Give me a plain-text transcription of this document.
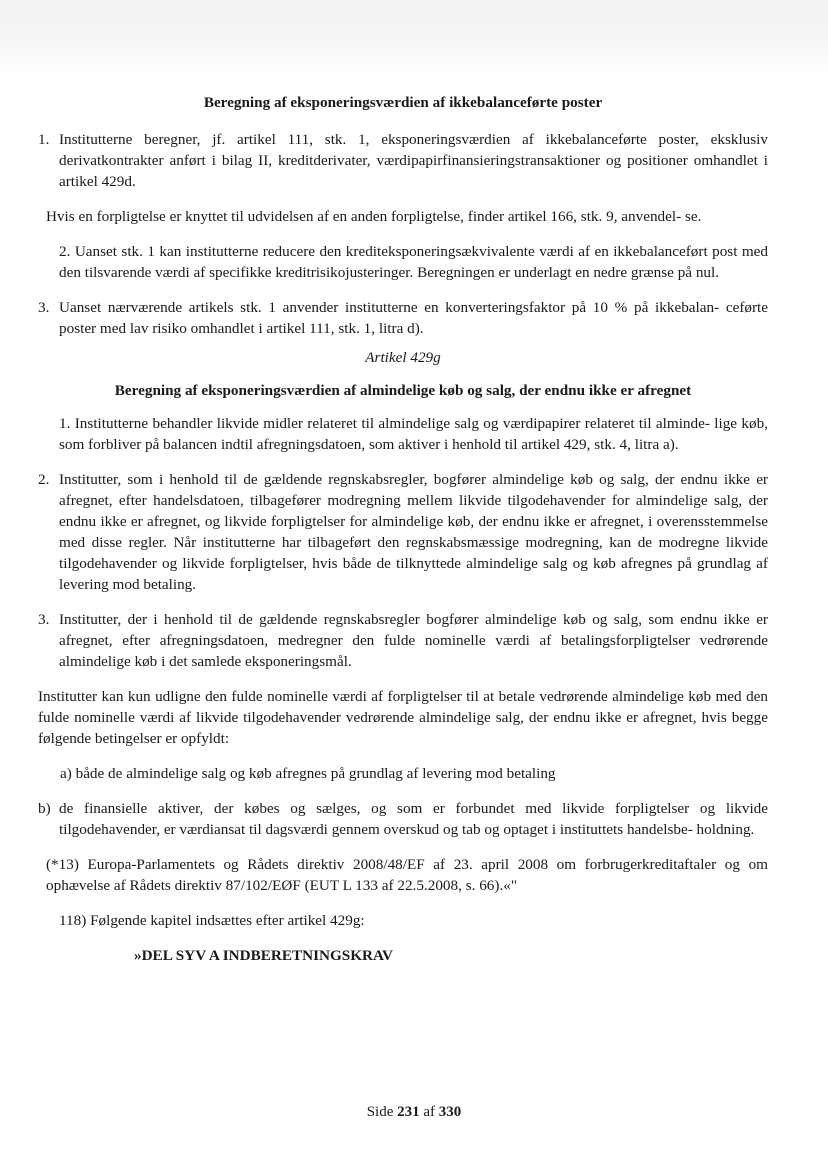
Beregning af eksponeringsværdien af ikkebalanceførte poster
1. Institutterne beregner, jf. artikel 111, stk. 1, eksponeringsværdien af ikkebalanceførte poster, eksklusiv derivatkontrakter anført i bilag II, kreditderivater, værdipapirfinansieringstransaktioner og positioner omhandlet i artikel 429d.

Hvis en forpligtelse er knyttet til udvidelsen af en anden forpligtelse, finder artikel 166, stk. 9, anvendel- se.

2. Uanset stk. 1 kan institutterne reducere den krediteksponeringsækvivalente værdi af en ikkebalanceført post med den tilsvarende værdi af specifikke kreditrisikojusteringer. Beregningen er underlagt en nedre grænse på nul.

3. Uanset nærværende artikels stk. 1 anvender institutterne en konverteringsfaktor på 10 % på ikkebalan- ceførte poster med lav risiko omhandlet i artikel 111, stk. 1, litra d).
Artikel 429g
Beregning af eksponeringsværdien af almindelige køb og salg, der endnu ikke er afregnet

1. Institutterne behandler likvide midler relateret til almindelige salg og værdipapirer relateret til alminde- lige køb, som forbliver på balancen indtil afregningsdatoen, som aktiver i henhold til artikel 429, stk. 4, litra a).

2. Institutter, som i henhold til de gældende regnskabsregler, bogfører almindelige køb og salg, der endnu ikke er afregnet, efter handelsdatoen, tilbagefører modregning mellem likvide tilgodehavender for almindelige salg, der endnu ikke er afregnet, og likvide forpligtelser for almindelige køb, der endnu ikke er afregnet, i overensstemmelse med disse regler. Når institutterne har tilbageført den regnskabsmæssige modregning, kan de modregne likvide tilgodehavender og likvide forpligtelser, hvis både de tilknyttede almindelige salg og køb afregnes på grundlag af levering mod betaling.
3. Institutter, der i henhold til de gældende regnskabsregler bogfører almindelige køb og salg, som endnu ikke er afregnet, efter afregningsdatoen, medregner den fulde nominelle værdi af betalingsforpligtelser vedrørende almindelige køb i det samlede eksponeringsmål.

Institutter kan kun udligne den fulde nominelle værdi af forpligtelser til at betale vedrørende almindelige køb med den fulde nominelle værdi af likvide tilgodehavender vedrørende almindelige salg, der endnu ikke er afregnet, hvis begge følgende betingelser er opfyldt:

a) både de almindelige salg og køb afregnes på grundlag af levering mod betaling

b) de finansielle aktiver, der købes og sælges, og som er forbundet med likvide forpligtelser og likvide tilgodehavender, er værdiansat til dagsværdi gennem overskud og tab og optaget i instituttets handelsbe- holdning.

(*13) Europa-Parlamentets og Rådets direktiv 2008/48/EF af 23. april 2008 om forbrugerkreditaftaler og om ophævelse af Rådets direktiv 87/102/EØF (EUT L 133 af 22.5.2008, s. 66).«"

118) Følgende kapitel indsættes efter artikel 429g:

»DEL SYV A INDBERETNINGSKRAV
Side 231 af 330
